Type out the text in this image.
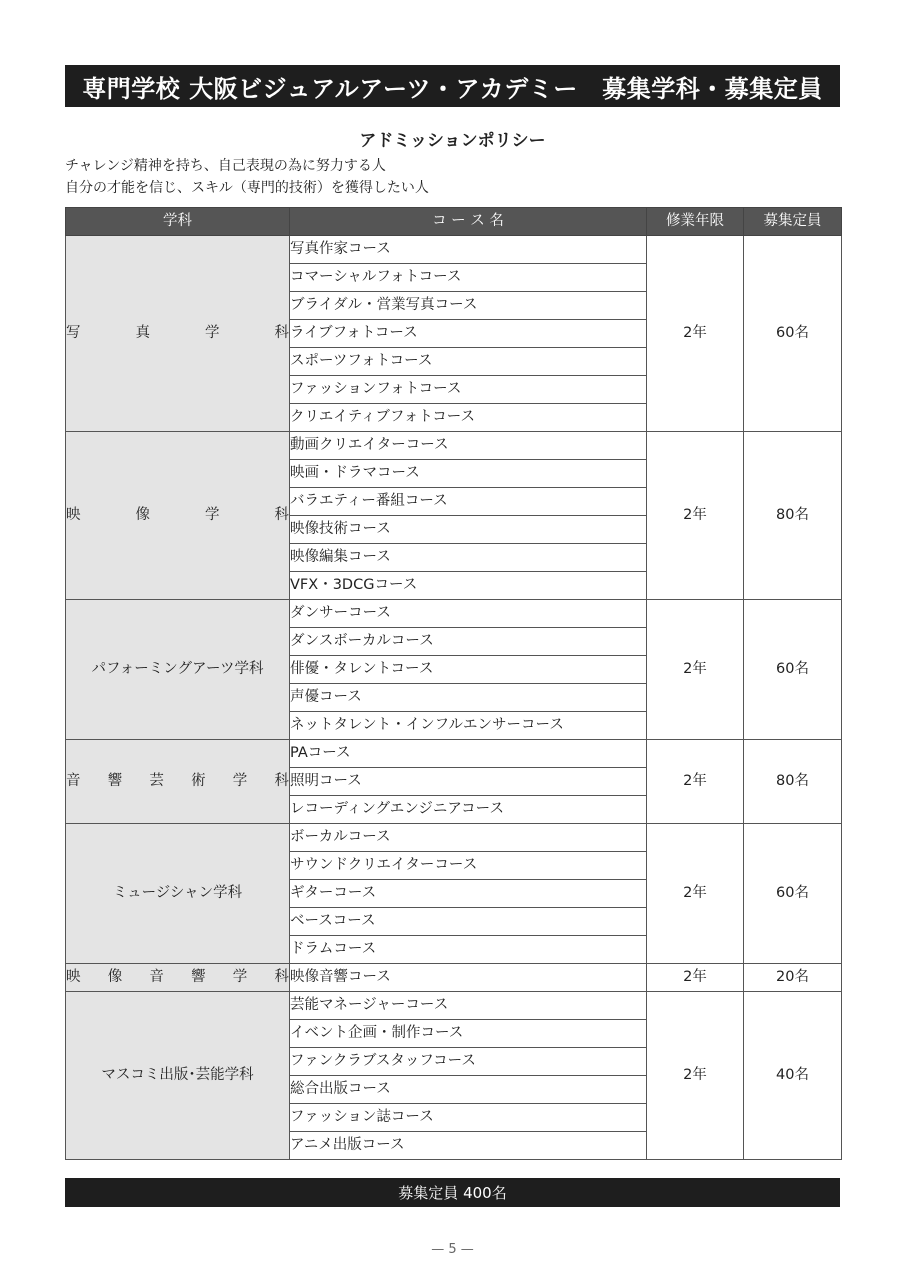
専門学校 大阪ビジュアルアーツ・アカデミー　募集学科・募集定員
アドミッションポリシー
チャレンジ精神を持ち、自己表現の為に努力する人
自分の才能を信じ、スキル（専門的技術）を獲得したい人
学科	コ ー ス 名	修業年限	募集定員
写真学科	写真作家コース	2年	60名
	コマーシャルフォトコース		
	ブライダル・営業写真コース		
	ライブフォトコース		
	スポーツフォトコース		
	ファッションフォトコース		
	クリエイティブフォトコース		
映像学科	動画クリエイターコース	2年	80名
	映画・ドラマコース		
	バラエティー番組コース		
	映像技術コース		
	映像編集コース		
	VFX・3DCGコース		
パフォーミングアーツ学科	ダンサーコース	2年	60名
	ダンスボーカルコース		
	俳優・タレントコース		
	声優コース		
	ネットタレント・インフルエンサーコース		
音響芸術学科	PAコース	2年	80名
	照明コース		
	レコーディングエンジニアコース		
ミュージシャン学科	ボーカルコース	2年	60名
	サウンドクリエイターコース		
	ギターコース		
	ベースコース		
	ドラムコース		
映像音響学科	映像音響コース	2年	20名
マスコミ出版･芸能学科	芸能マネージャーコース	2年	40名
	イベント企画・制作コース		
	ファンクラブスタッフコース		
	総合出版コース		
	ファッション誌コース		
	アニメ出版コース		
募集定員 400名
— 5 —
